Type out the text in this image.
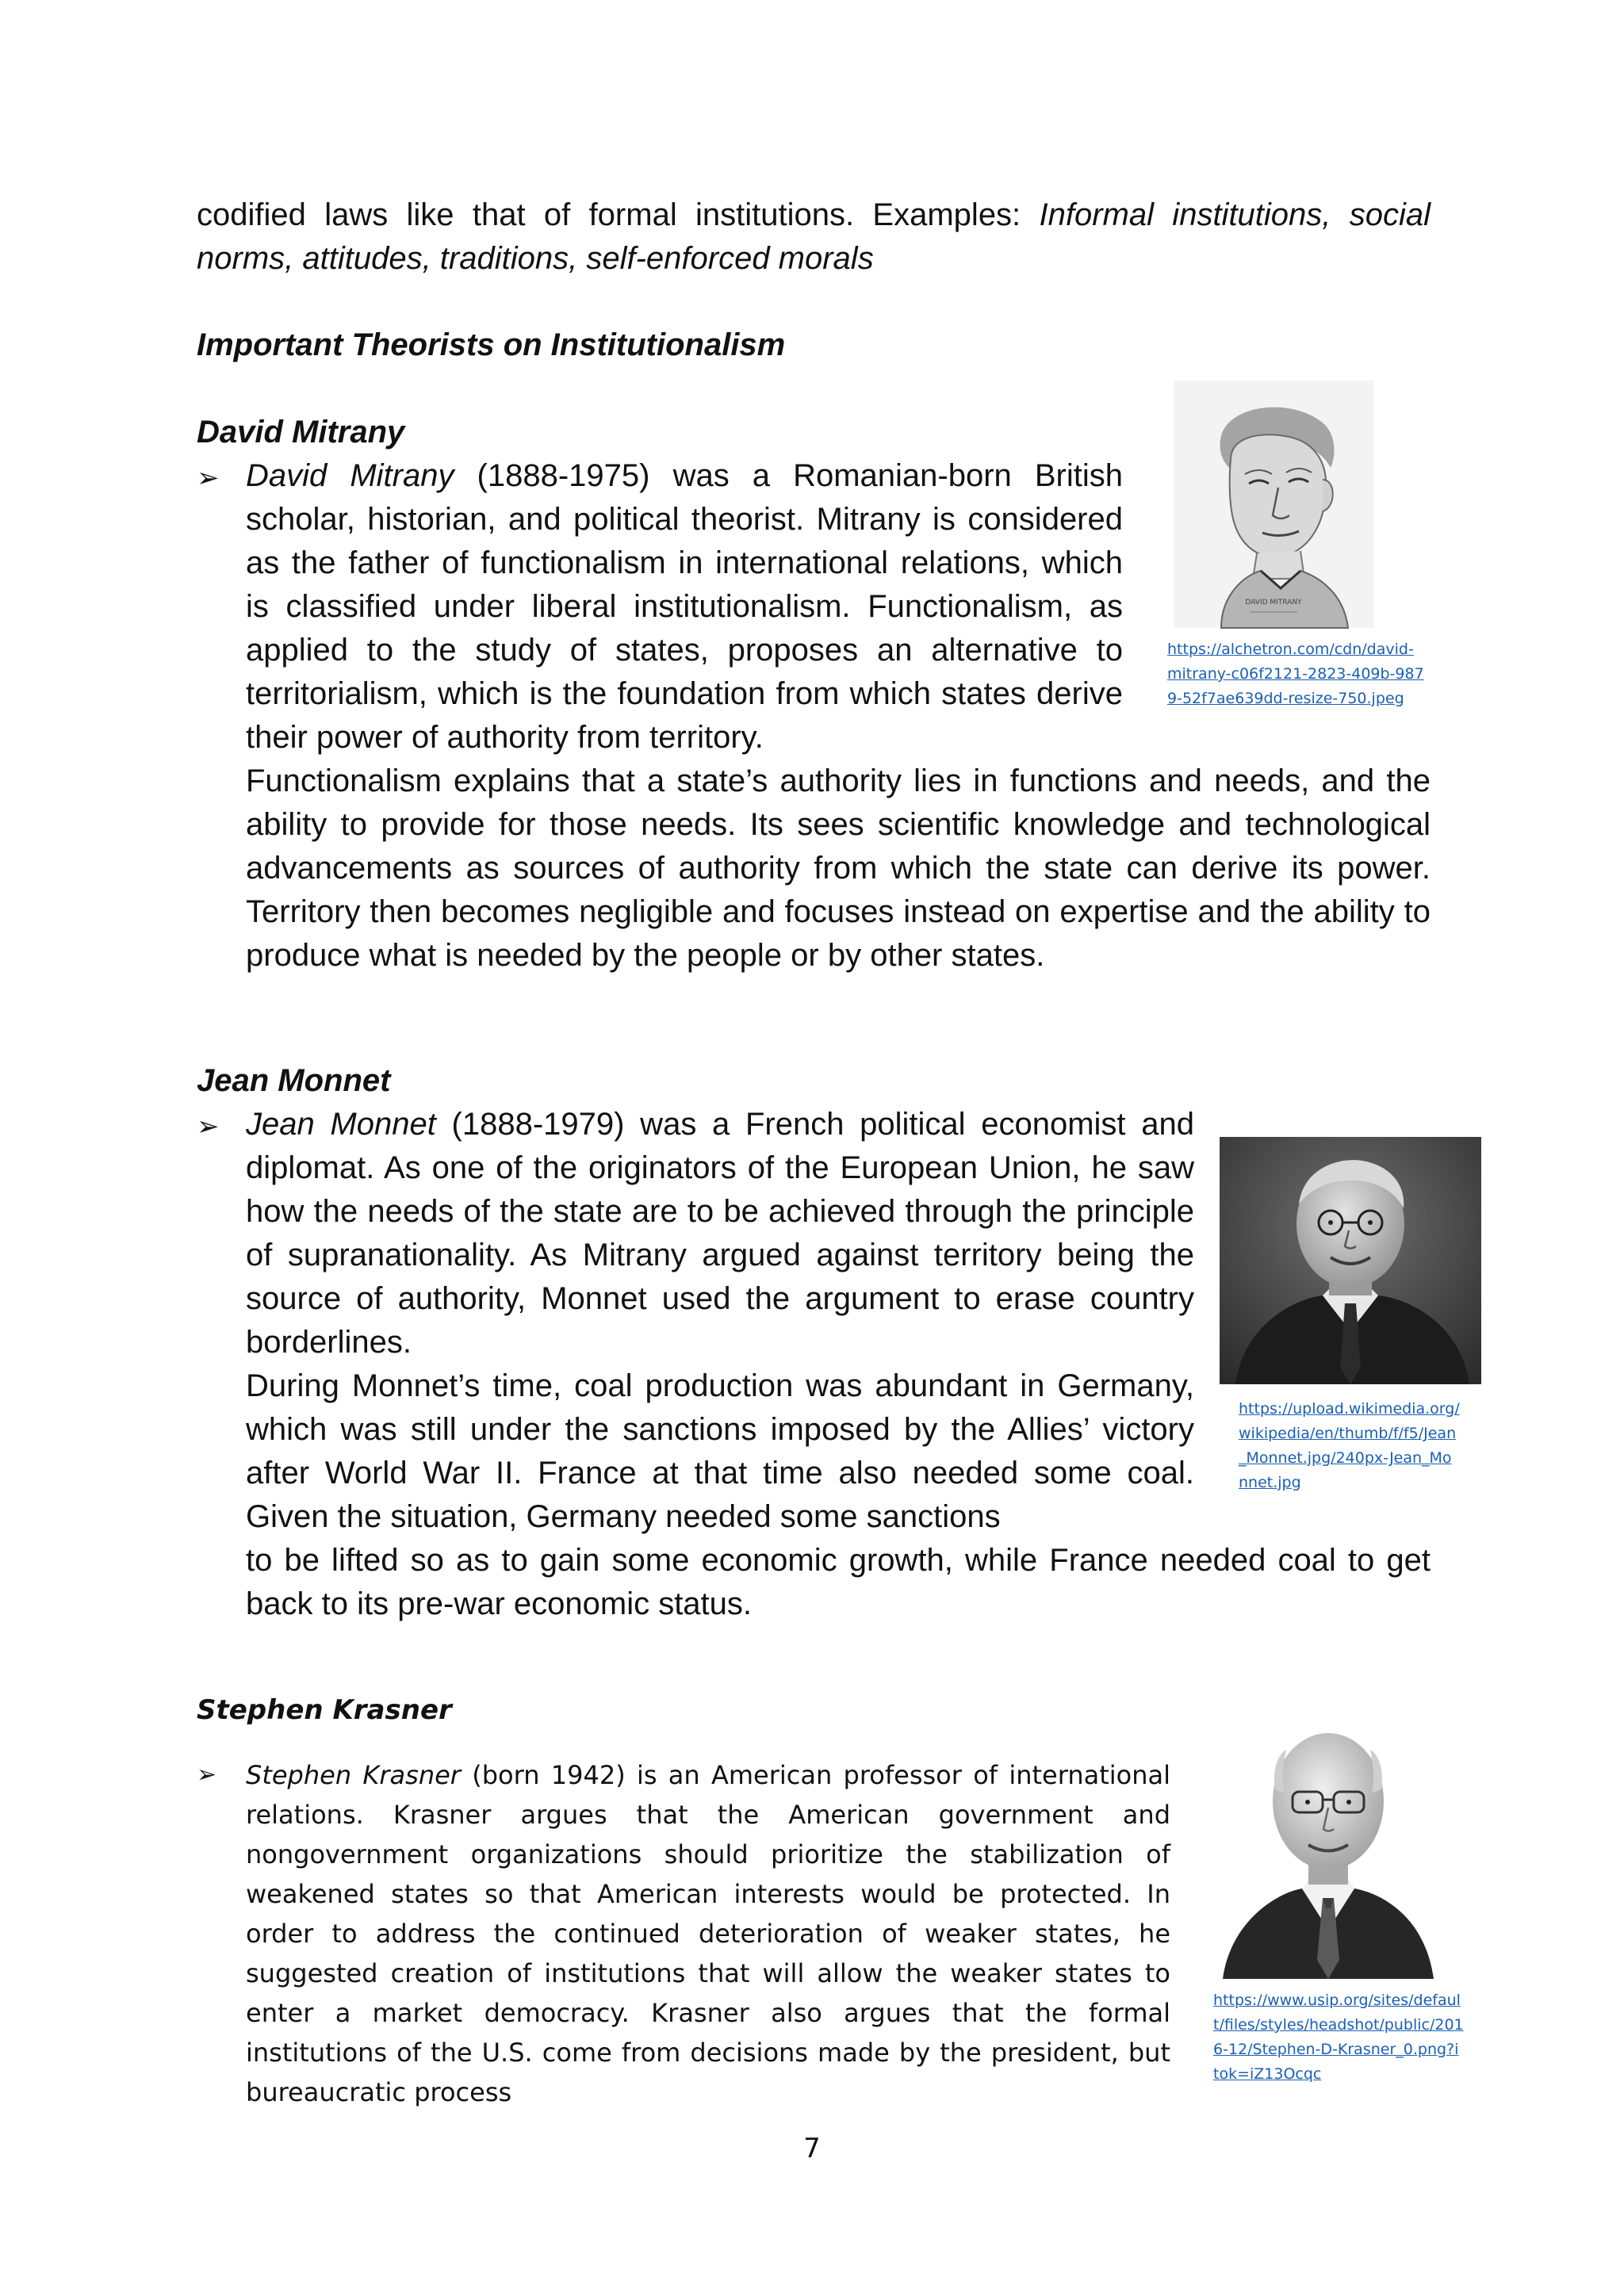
codified laws like that of formal institutions. Examples: Informal institutions, social norms, attitudes, traditions, self-enforced morals

Important Theorists on Institutionalism

David Mitrany

➢ David Mitrany (1888-1975) was a Romanian-born British scholar, historian, and political theorist. Mitrany is considered as the father of functionalism in international relations, which is classified under liberal institutionalism. Functionalism, as applied to the study of states, proposes an alternative to territorialism, which is the foundation from which states derive their power of authority from territory.

Functionalism explains that a state’s authority lies in functions and needs, and the ability to provide for those needs. Its sees scientific knowledge and technological advancements as sources of authority from which the state can derive its power. Territory then becomes negligible and focuses instead on expertise and the ability to produce what is needed by the people or by other states.

DAVID MITRANY

https://alchetron.com/cdn/david-mitrany-c06f2121-2823-409b-9879-52f7ae639dd-resize-750.jpeg

Jean Monnet

➢ Jean Monnet (1888-1979) was a French political economist and diplomat. As one of the originators of the European Union, he saw how the needs of the state are to be achieved through the principle of supranationality. As Mitrany argued against territory being the source of authority, Monnet used the argument to erase country borderlines.

During Monnet’s time, coal production was abundant in Germany, which was still under the sanctions imposed by the Allies’ victory after World War II. France at that time also needed some coal. Given the situation, Germany needed some sanctions

to be lifted so as to gain some economic growth, while France needed coal to get back to its pre-war economic status.

https://upload.wikimedia.org/wikipedia/en/thumb/f/f5/Jean_Monnet.jpg/240px-Jean_Monnet.jpg

Stephen Krasner

➢ Stephen Krasner (born 1942) is an American professor of international relations. Krasner argues that the American government and nongovernment organizations should prioritize the stabilization of weakened states so that American interests would be protected. In order to address the continued deterioration of weaker states, he suggested creation of institutions that will allow the weaker states to enter a market democracy. Krasner also argues that the formal institutions of the U.S. come from decisions made by the president, but bureaucratic process

https://www.usip.org/sites/default/files/styles/headshot/public/2016-12/Stephen-D-Krasner_0.png?itok=iZ13Ocqc

7
